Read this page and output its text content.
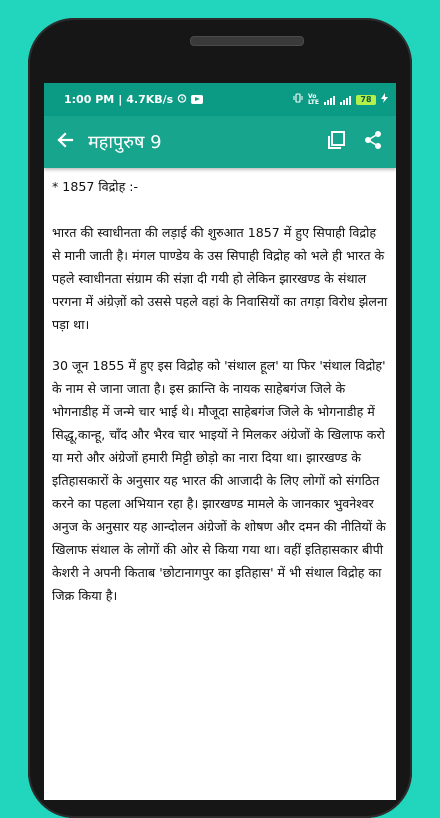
1:00 PM | 4.7KB/s	Vo
LTE	78
महापुरुष 9

* 1857 विद्रोह :-

भारत की स्वाधीनता की लड़ाई की शुरुआत 1857 में हुए सिपाही विद्रोह से मानी जाती है। मंगल पाण्डेय के उस सिपाही विद्रोह को भले ही भारत के पहले स्वाधीनता संग्राम की संज्ञा दी गयी हो लेकिन झारखण्ड के संथाल परगना में अंग्रेज़ों को उससे पहले वहां के निवासियों का तगड़ा विरोध झेलना पड़ा था।

30 जून 1855 में हुए इस विद्रोह को 'संथाल हूल' या फिर 'संथाल विद्रोह' के नाम से जाना जाता है। इस क्रान्ति के नायक साहेबगंज जिले के भोगनाडीह में जन्मे चार भाई थे। मौजूदा साहेबगंज जिले के भोगनाडीह में सिद्धू,कान्हू, चाँद और भैरव चार भाइयों ने मिलकर अंग्रेजों के खिलाफ करो या मरो और अंग्रेजों हमारी मिट्टी छोड़ो का नारा दिया था। झारखण्ड के इतिहासकारों के अनुसार यह भारत की आजादी के लिए लोगों को संगठित करने का पहला अभियान रहा है। झारखण्ड मामले के जानकार भुवनेश्वर अनुज के अनुसार यह आन्दोलन अंग्रेजों के शोषण और दमन की नीतियों के खिलाफ संथाल के लोगों की ओर से किया गया था। वहीं इतिहासकार बीपी केशरी ने अपनी किताब 'छोटानागपुर का इतिहास' में भी संथाल विद्रोह का जिक्र किया है।
